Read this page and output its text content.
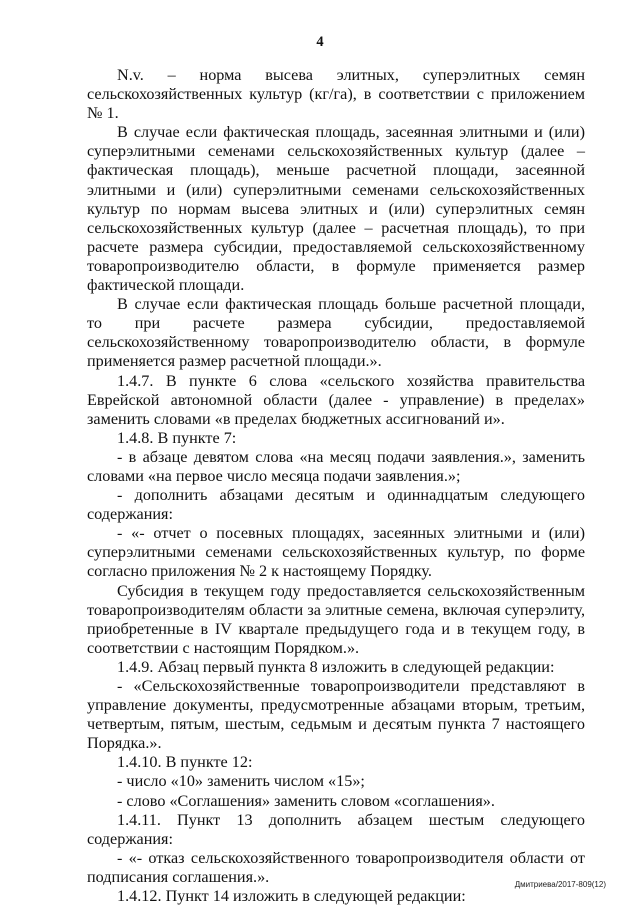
4

N.v. – норма высева элитных, суперэлитных семян сельскохозяйственных культур (кг/га), в соответствии с приложением № 1.

В случае если фактическая площадь, засеянная элитными и (или) суперэлитными семенами сельскохозяйственных культур (далее – фактическая площадь), меньше расчетной площади, засеянной элитными и (или) суперэлитными семенами сельскохозяйственных культур по нормам высева элитных и (или) суперэлитных семян сельскохозяйственных культур (далее – расчетная площадь), то при расчете размера субсидии, предоставляемой сельскохозяйственному товаропроизводителю области, в формуле применяется размер фактической площади.

В случае если фактическая площадь больше расчетной площади, то при расчете размера субсидии, предоставляемой сельскохозяйственному товаропроизводителю области, в формуле применяется размер расчетной площади.».

1.4.7. В пункте 6 слова «сельского хозяйства правительства Еврейской автономной области (далее - управление) в пределах» заменить словами «в пределах бюджетных ассигнований и».

1.4.8. В пункте 7:

- в абзаце девятом слова «на месяц подачи заявления.», заменить словами «на первое число месяца подачи заявления.»;

- дополнить абзацами десятым и одиннадцатым следующего содержания:

- «- отчет о посевных площадях, засеянных элитными и (или) суперэлитными семенами сельскохозяйственных культур, по форме согласно приложения № 2 к настоящему Порядку.

Субсидия в текущем году предоставляется сельскохозяйственным товаропроизводителям области за элитные семена, включая суперэлиту, приобретенные в IV квартале предыдущего года и в текущем году, в соответствии с настоящим Порядком.».

1.4.9. Абзац первый пункта 8 изложить в следующей редакции:

- «Сельскохозяйственные товаропроизводители представляют в управление документы, предусмотренные абзацами вторым, третьим, четвертым, пятым, шестым, седьмым и десятым пункта 7 настоящего Порядка.».

1.4.10. В пункте 12:

- число «10» заменить числом «15»;

- слово «Соглашения» заменить словом «соглашения».

1.4.11. Пункт 13 дополнить абзацем шестым следующего содержания:

- «- отказ сельскохозяйственного товаропроизводителя области от подписания соглашения.».

1.4.12. Пункт 14 изложить в следующей редакции:

Дмитриева/2017-809(12)
